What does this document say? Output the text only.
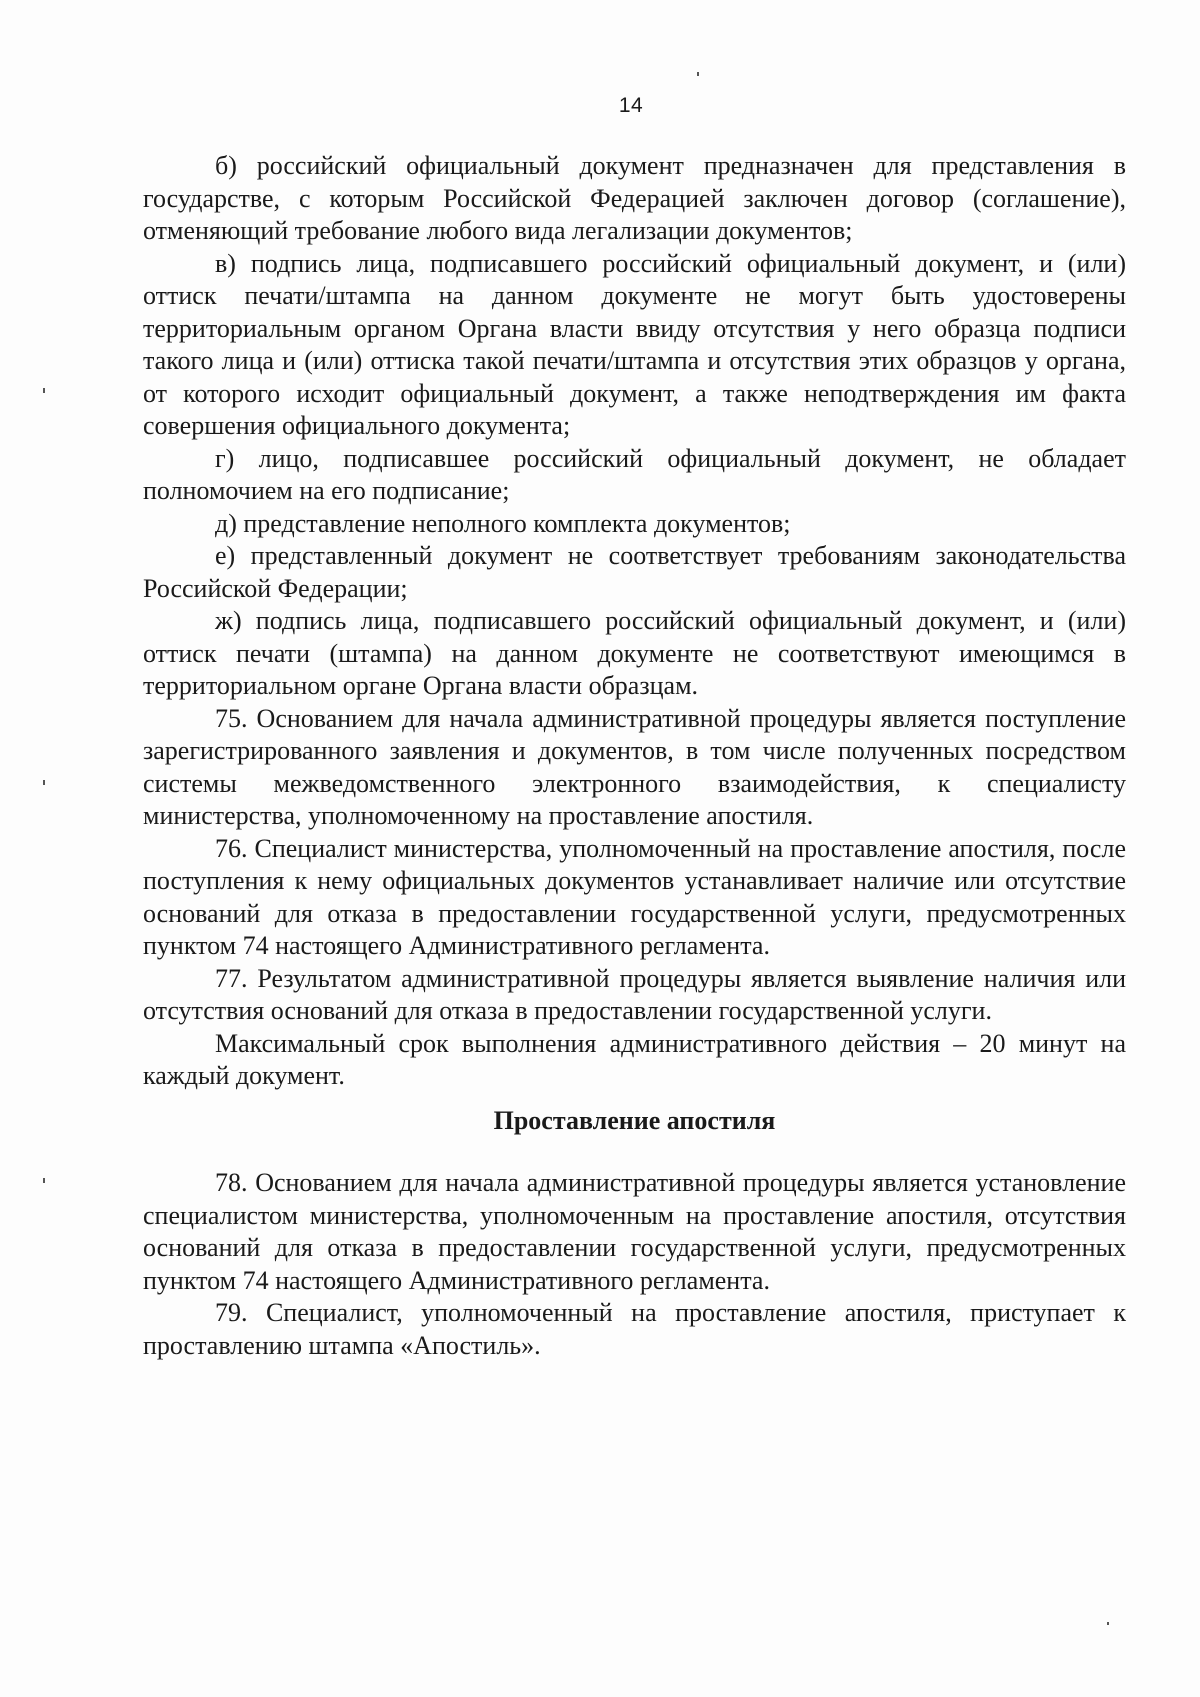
14

б) российский официальный документ предназначен для представления в государстве, с которым Российской Федерацией заключен договор (соглашение), отменяющий требование любого вида легализации документов;

в) подпись лица, подписавшего российский официальный документ, и (или) оттиск печати/штампа на данном документе не могут быть удостоверены территориальным органом Органа власти ввиду отсутствия у него образца подписи такого лица и (или) оттиска такой печати/штампа и отсутствия этих образцов у органа, от которого исходит официальный документ, а также неподтверждения им факта совершения официального документа;

г) лицо, подписавшее российский официальный документ, не обладает полномочием на его подписание;

д) представление неполного комплекта документов;

е) представленный документ не соответствует требованиям законодательства Российской Федерации;

ж) подпись лица, подписавшего российский официальный документ, и (или) оттиск печати (штампа) на данном документе не соответствуют имеющимся в территориальном органе Органа власти образцам.

75. Основанием для начала административной процедуры является поступление зарегистрированного заявления и документов, в том числе полученных посредством системы межведомственного электронного взаимодействия, к специалисту министерства, уполномоченному на проставление апостиля.

76. Специалист министерства, уполномоченный на проставление апостиля, после поступления к нему официальных документов устанавливает наличие или отсутствие оснований для отказа в предоставлении государственной услуги, предусмотренных пунктом 74 настоящего Административного регламента.

77. Результатом административной процедуры является выявление наличия или отсутствия оснований для отказа в предоставлении государственной услуги.

Максимальный срок выполнения административного действия – 20 минут на каждый документ.

Проставление апостиля

78. Основанием для начала административной процедуры является установление специалистом министерства, уполномоченным на проставление апостиля, отсутствия оснований для отказа в предоставлении государственной услуги, предусмотренных пунктом 74 настоящего Административного регламента.

79. Специалист, уполномоченный на проставление апостиля, приступает к проставлению штампа «Апостиль».
